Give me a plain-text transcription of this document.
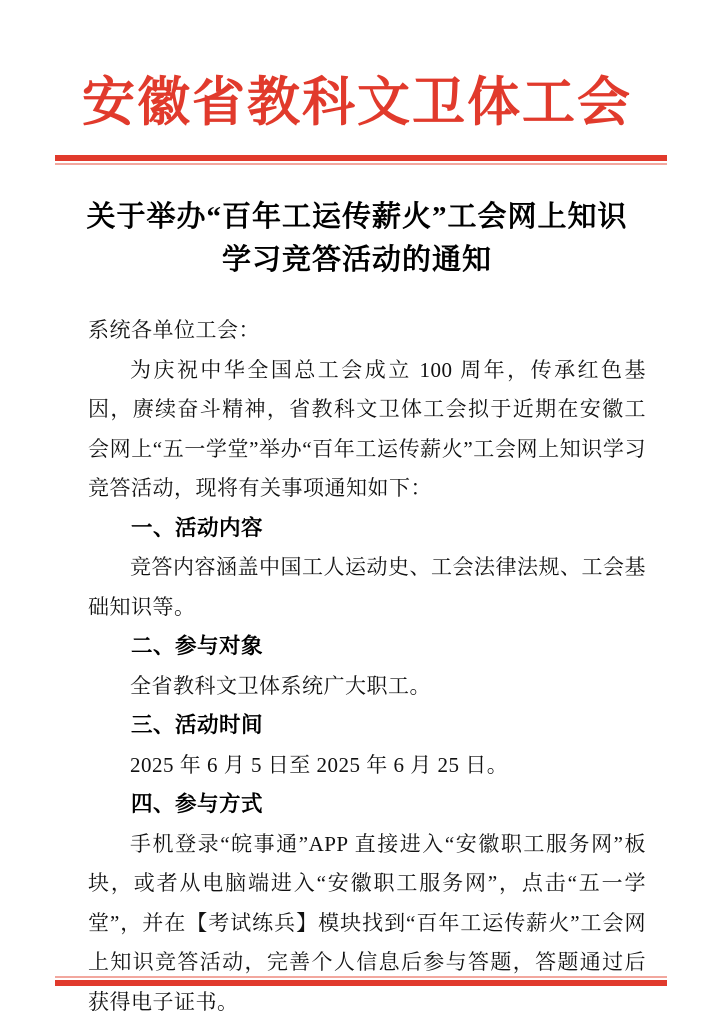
安徽省教科文卫体工会
关于举办“百年工运传薪火”工会网上知识
学习竞答活动的通知

系统各单位工会：

为庆祝中华全国总工会成立 100 周年，传承红色基因，赓续奋斗精神，省教科文卫体工会拟于近期在安徽工会网上“五一学堂”举办“百年工运传薪火”工会网上知识学习竞答活动，现将有关事项通知如下：

一、活动内容

竞答内容涵盖中国工人运动史、工会法律法规、工会基础知识等。

二、参与对象

全省教科文卫体系统广大职工。

三、活动时间

2025 年 6 月 5 日至 2025 年 6 月 25 日。

四、参与方式

手机登录“皖事通”APP 直接进入“安徽职工服务网”板块，或者从电脑端进入“安徽职工服务网”，点击“五一学堂”，并在【考试练兵】模块找到“百年工运传薪火”工会网上知识竞答活动，完善个人信息后参与答题，答题通过后获得电子证书。
